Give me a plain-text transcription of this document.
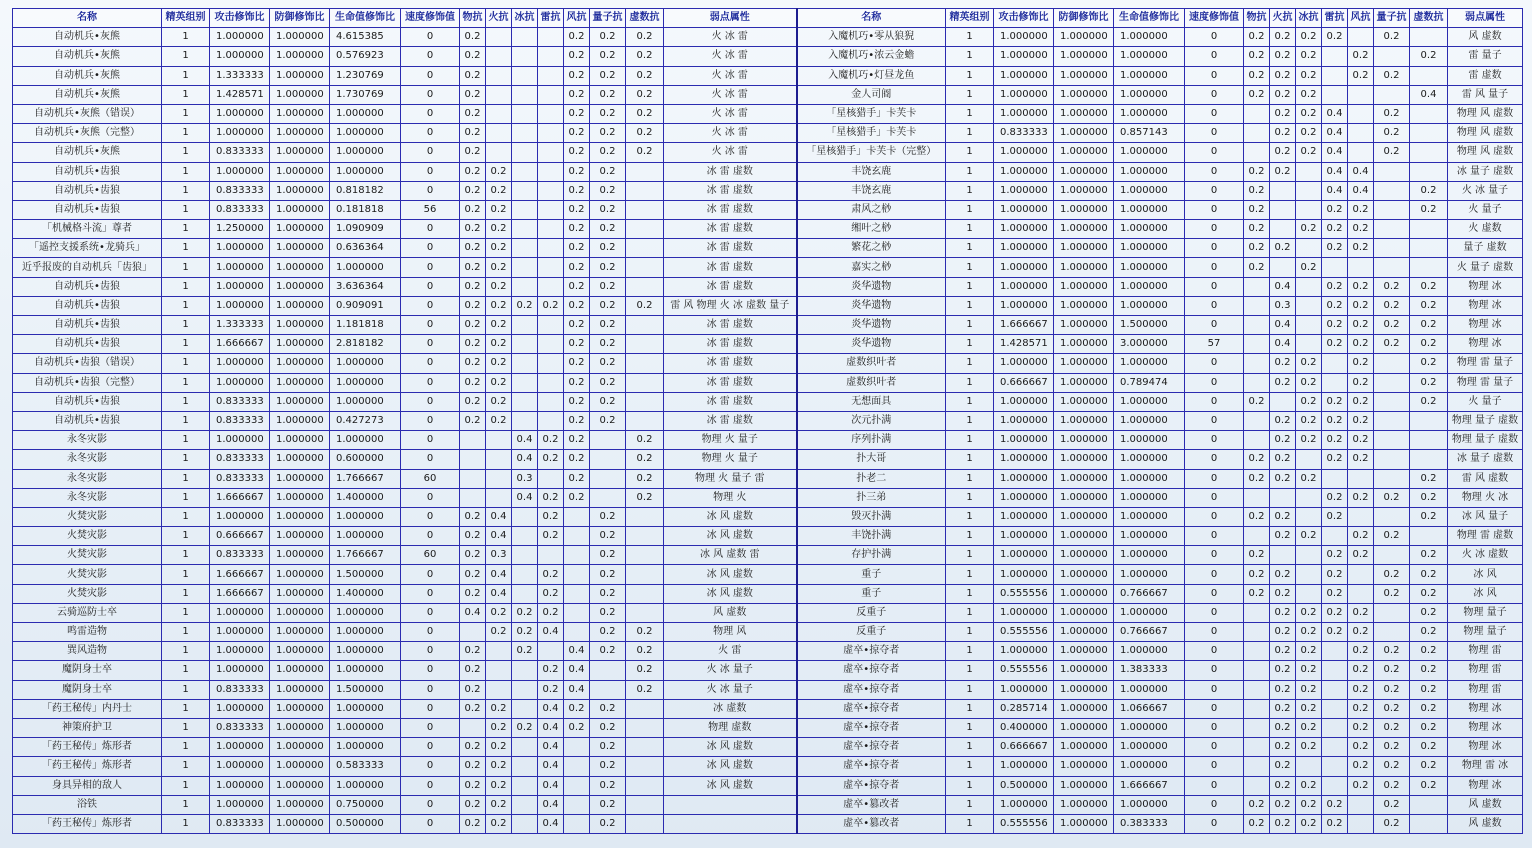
名称	精英组别	攻击修饰比	防御修饰比	生命值修饰比	速度修饰值	物抗	火抗	冰抗	雷抗	风抗	量子抗	虚数抗	弱点属性	名称	精英组别	攻击修饰比	防御修饰比	生命值修饰比	速度修饰值	物抗	火抗	冰抗	雷抗	风抗	量子抗	虚数抗	弱点属性
自动机兵•灰熊	1	1.000000	1.000000	4.615385	0	0.2				0.2	0.2	0.2	火 冰 雷	入魔机巧•零从狼猊	1	1.000000	1.000000	1.000000	0	0.2	0.2	0.2	0.2		0.2		风 虚数
自动机兵•灰熊	1	1.000000	1.000000	0.576923	0	0.2				0.2	0.2	0.2	火 冰 雷	入魔机巧•浓云金蟾	1	1.000000	1.000000	1.000000	0	0.2	0.2	0.2		0.2		0.2	雷 量子
自动机兵•灰熊	1	1.333333	1.000000	1.230769	0	0.2				0.2	0.2	0.2	火 冰 雷	入魔机巧•灯昼龙鱼	1	1.000000	1.000000	1.000000	0	0.2	0.2	0.2		0.2	0.2		雷 虚数
自动机兵•灰熊	1	1.428571	1.000000	1.730769	0	0.2				0.2	0.2	0.2	火 冰 雷	金人司阍	1	1.000000	1.000000	1.000000	0	0.2	0.2	0.2				0.4	雷 风 量子
自动机兵•灰熊（错误）	1	1.000000	1.000000	1.000000	0	0.2				0.2	0.2	0.2	火 冰 雷	「星核猎手」卡芙卡	1	1.000000	1.000000	1.000000	0		0.2	0.2	0.4		0.2		物理 风 虚数
自动机兵•灰熊（完整）	1	1.000000	1.000000	1.000000	0	0.2				0.2	0.2	0.2	火 冰 雷	「星核猎手」卡芙卡	1	0.833333	1.000000	0.857143	0		0.2	0.2	0.4		0.2		物理 风 虚数
自动机兵•灰熊	1	0.833333	1.000000	1.000000	0	0.2				0.2	0.2	0.2	火 冰 雷	「星核猎手」卡芙卡（完整）	1	1.000000	1.000000	1.000000	0		0.2	0.2	0.4		0.2		物理 风 虚数
自动机兵•齿狼	1	1.000000	1.000000	1.000000	0	0.2	0.2			0.2	0.2		冰 雷 虚数	丰饶玄鹿	1	1.000000	1.000000	1.000000	0	0.2	0.2		0.4	0.4			冰 量子 虚数
自动机兵•齿狼	1	0.833333	1.000000	0.818182	0	0.2	0.2			0.2	0.2		冰 雷 虚数	丰饶玄鹿	1	1.000000	1.000000	1.000000	0	0.2			0.4	0.4		0.2	火 冰 量子
自动机兵•齿狼	1	0.833333	1.000000	0.181818	56	0.2	0.2			0.2	0.2		冰 雷 虚数	肃风之桫	1	1.000000	1.000000	1.000000	0	0.2			0.2	0.2		0.2	火 量子
「机械格斗流」尊者	1	1.250000	1.000000	1.090909	0	0.2	0.2			0.2	0.2		冰 雷 虚数	缃叶之桫	1	1.000000	1.000000	1.000000	0	0.2		0.2	0.2	0.2			火 虚数
「遥控支援系统•龙骑兵」	1	1.000000	1.000000	0.636364	0	0.2	0.2			0.2	0.2		冰 雷 虚数	繁花之桫	1	1.000000	1.000000	1.000000	0	0.2	0.2		0.2	0.2			量子 虚数
近乎报废的自动机兵「齿狼」	1	1.000000	1.000000	1.000000	0	0.2	0.2			0.2	0.2		冰 雷 虚数	嘉实之桫	1	1.000000	1.000000	1.000000	0	0.2		0.2					火 量子 虚数
自动机兵•齿狼	1	1.000000	1.000000	3.636364	0	0.2	0.2			0.2	0.2		冰 雷 虚数	炎华遗物	1	1.000000	1.000000	1.000000	0		0.4		0.2	0.2	0.2	0.2	物理 冰
自动机兵•齿狼	1	1.000000	1.000000	0.909091	0	0.2	0.2	0.2	0.2	0.2	0.2	0.2	雷 风 物理 火 冰 虚数 量子	炎华遗物	1	1.000000	1.000000	1.000000	0		0.3		0.2	0.2	0.2	0.2	物理 冰
自动机兵•齿狼	1	1.333333	1.000000	1.181818	0	0.2	0.2			0.2	0.2		冰 雷 虚数	炎华遗物	1	1.666667	1.000000	1.500000	0		0.4		0.2	0.2	0.2	0.2	物理 冰
自动机兵•齿狼	1	1.666667	1.000000	2.818182	0	0.2	0.2			0.2	0.2		冰 雷 虚数	炎华遗物	1	1.428571	1.000000	3.000000	57		0.4		0.2	0.2	0.2	0.2	物理 冰
自动机兵•齿狼（错误）	1	1.000000	1.000000	1.000000	0	0.2	0.2			0.2	0.2		冰 雷 虚数	虚数织叶者	1	1.000000	1.000000	1.000000	0		0.2	0.2		0.2		0.2	物理 雷 量子
自动机兵•齿狼（完整）	1	1.000000	1.000000	1.000000	0	0.2	0.2			0.2	0.2		冰 雷 虚数	虚数织叶者	1	0.666667	1.000000	0.789474	0		0.2	0.2		0.2		0.2	物理 雷 量子
自动机兵•齿狼	1	0.833333	1.000000	1.000000	0	0.2	0.2			0.2	0.2		冰 雷 虚数	无想面具	1	1.000000	1.000000	1.000000	0	0.2		0.2	0.2	0.2		0.2	火 量子
自动机兵•齿狼	1	0.833333	1.000000	0.427273	0	0.2	0.2			0.2	0.2		冰 雷 虚数	次元扑满	1	1.000000	1.000000	1.000000	0		0.2	0.2	0.2	0.2			物理 量子 虚数
永冬灾影	1	1.000000	1.000000	1.000000	0			0.4	0.2	0.2		0.2	物理 火 量子	序列扑满	1	1.000000	1.000000	1.000000	0		0.2	0.2	0.2	0.2			物理 量子 虚数
永冬灾影	1	0.833333	1.000000	0.600000	0			0.4	0.2	0.2		0.2	物理 火 量子	扑大哥	1	1.000000	1.000000	1.000000	0	0.2	0.2		0.2	0.2			冰 量子 虚数
永冬灾影	1	0.833333	1.000000	1.766667	60			0.3		0.2		0.2	物理 火 量子 雷	扑老二	1	1.000000	1.000000	1.000000	0	0.2	0.2	0.2				0.2	雷 风 虚数
永冬灾影	1	1.666667	1.000000	1.400000	0			0.4	0.2	0.2		0.2	物理 火	扑三弟	1	1.000000	1.000000	1.000000	0				0.2	0.2	0.2	0.2	物理 火 冰
火焚灾影	1	1.000000	1.000000	1.000000	0	0.2	0.4		0.2		0.2		冰 风 虚数	毁灭扑满	1	1.000000	1.000000	1.000000	0	0.2	0.2		0.2			0.2	冰 风 量子
火焚灾影	1	0.666667	1.000000	1.000000	0	0.2	0.4		0.2		0.2		冰 风 虚数	丰饶扑满	1	1.000000	1.000000	1.000000	0		0.2	0.2		0.2	0.2		物理 雷 虚数
火焚灾影	1	0.833333	1.000000	1.766667	60	0.2	0.3				0.2		冰 风 虚数 雷	存护扑满	1	1.000000	1.000000	1.000000	0	0.2			0.2	0.2		0.2	火 冰 虚数
火焚灾影	1	1.666667	1.000000	1.500000	0	0.2	0.4		0.2		0.2		冰 风 虚数	重子	1	1.000000	1.000000	1.000000	0	0.2	0.2		0.2		0.2	0.2	冰 风
火焚灾影	1	1.666667	1.000000	1.400000	0	0.2	0.4		0.2		0.2		冰 风 虚数	重子	1	0.555556	1.000000	0.766667	0	0.2	0.2		0.2		0.2	0.2	冰 风
云骑巡防士卒	1	1.000000	1.000000	1.000000	0	0.4	0.2	0.2	0.2		0.2		风 虚数	反重子	1	1.000000	1.000000	1.000000	0		0.2	0.2	0.2	0.2		0.2	物理 量子
鸣雷造物	1	1.000000	1.000000	1.000000	0		0.2	0.2	0.4		0.2	0.2	物理 风	反重子	1	0.555556	1.000000	0.766667	0		0.2	0.2	0.2	0.2		0.2	物理 量子
巽风造物	1	1.000000	1.000000	1.000000	0	0.2		0.2		0.4	0.2	0.2	火 雷	虚卒•掠夺者	1	1.000000	1.000000	1.000000	0		0.2	0.2		0.2	0.2	0.2	物理 雷
魔阴身士卒	1	1.000000	1.000000	1.000000	0	0.2			0.2	0.4		0.2	火 冰 量子	虚卒•掠夺者	1	0.555556	1.000000	1.383333	0		0.2	0.2		0.2	0.2	0.2	物理 雷
魔阴身士卒	1	0.833333	1.000000	1.500000	0	0.2			0.2	0.4		0.2	火 冰 量子	虚卒•掠夺者	1	1.000000	1.000000	1.000000	0		0.2	0.2		0.2	0.2	0.2	物理 雷
「药王秘传」内丹士	1	1.000000	1.000000	1.000000	0	0.2	0.2		0.4	0.2	0.2		冰 虚数	虚卒•掠夺者	1	0.285714	1.000000	1.066667	0		0.2	0.2		0.2	0.2	0.2	物理 冰
神策府护卫	1	0.833333	1.000000	1.000000	0		0.2	0.2	0.4	0.2	0.2		物理 虚数	虚卒•掠夺者	1	0.400000	1.000000	1.000000	0		0.2	0.2		0.2	0.2	0.2	物理 冰
「药王秘传」炼形者	1	1.000000	1.000000	1.000000	0	0.2	0.2		0.4		0.2		冰 风 虚数	虚卒•掠夺者	1	0.666667	1.000000	1.000000	0		0.2	0.2		0.2	0.2	0.2	物理 冰
「药王秘传」炼形者	1	1.000000	1.000000	0.583333	0	0.2	0.2		0.4		0.2		冰 风 虚数	虚卒•掠夺者	1	1.000000	1.000000	1.000000	0		0.2			0.2	0.2	0.2	物理 雷 冰
身具异相的敌人	1	1.000000	1.000000	1.000000	0	0.2	0.2		0.4		0.2		冰 风 虚数	虚卒•掠夺者	1	0.500000	1.000000	1.666667	0		0.2	0.2		0.2	0.2	0.2	物理 冰
浴铁	1	1.000000	1.000000	0.750000	0	0.2	0.2		0.4		0.2			虚卒•篡改者	1	1.000000	1.000000	1.000000	0	0.2	0.2	0.2	0.2		0.2		风 虚数
「药王秘传」炼形者	1	0.833333	1.000000	0.500000	0	0.2	0.2		0.4		0.2			虚卒•篡改者	1	0.555556	1.000000	0.383333	0	0.2	0.2	0.2	0.2		0.2		风 虚数
